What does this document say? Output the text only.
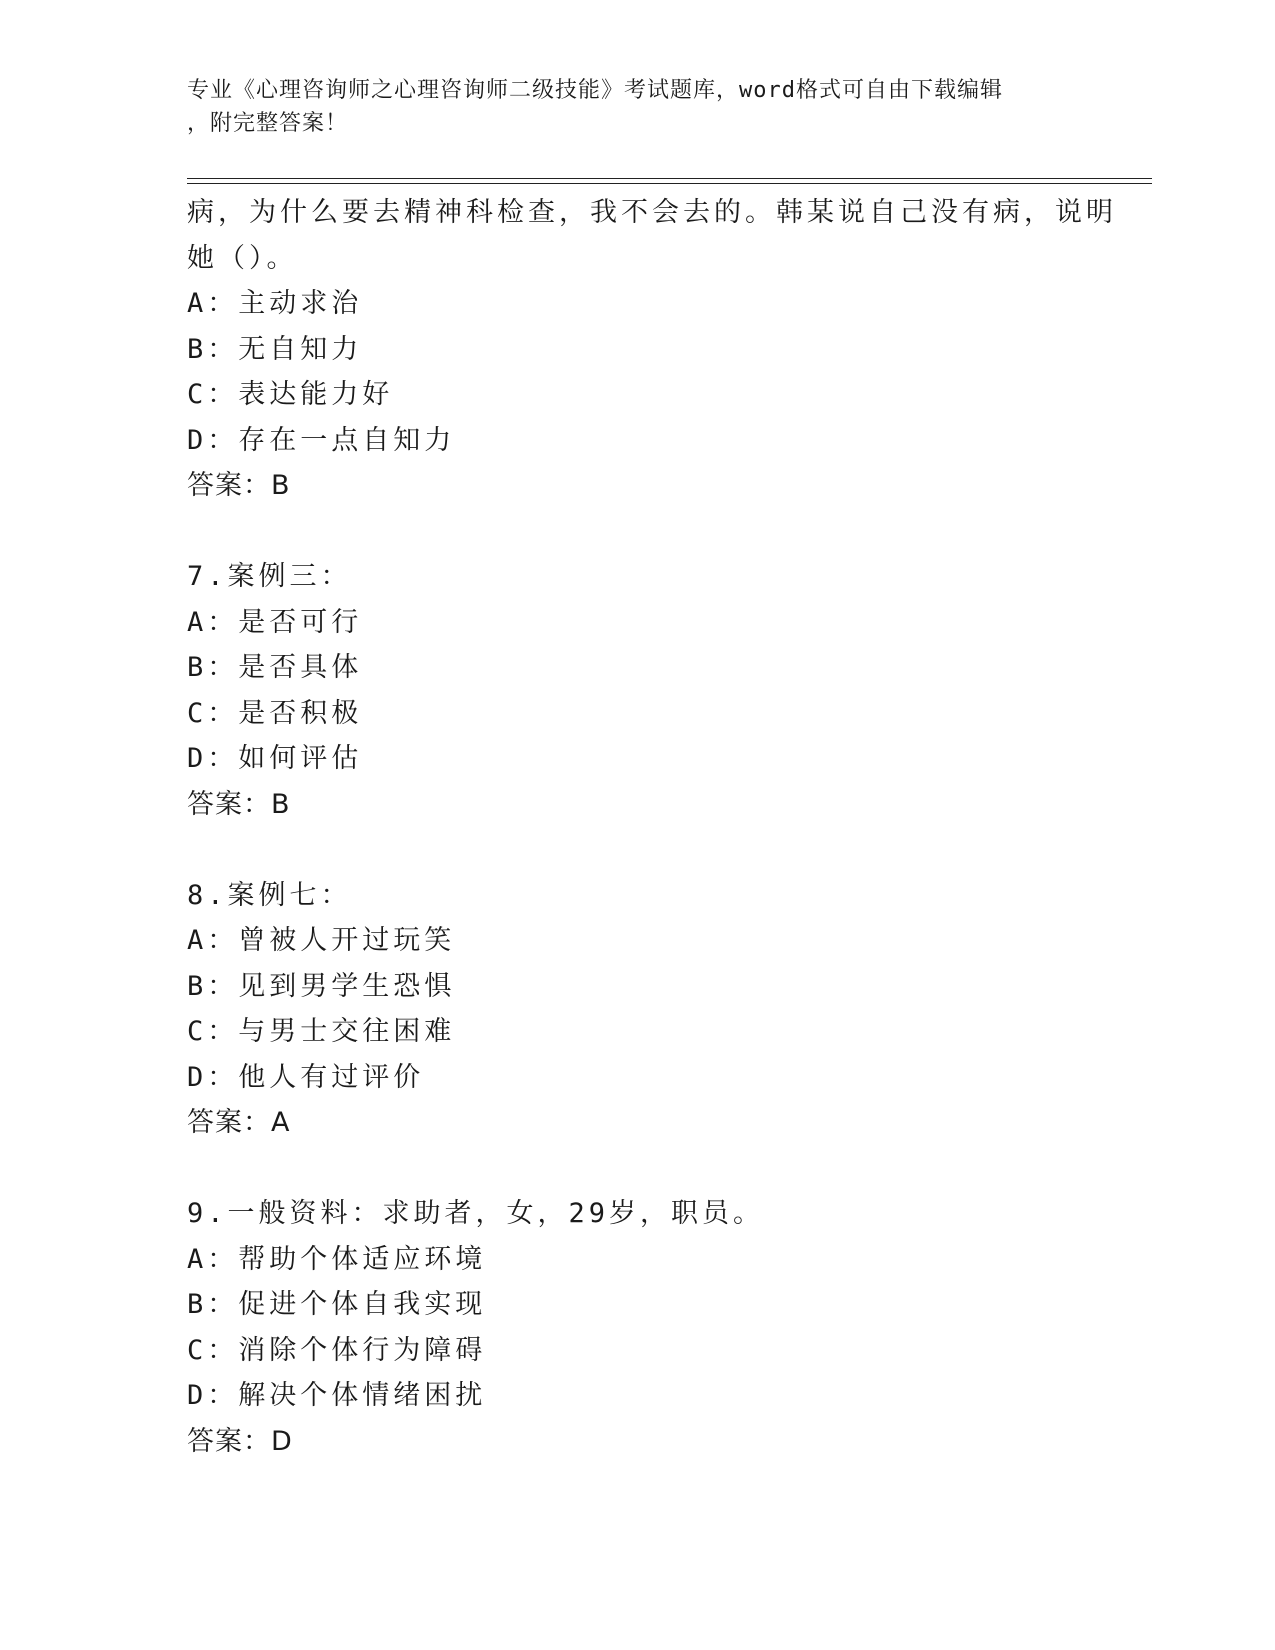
专业《心理咨询师之心理咨询师二级技能》考试题库，word格式可自由下载编辑
，附完整答案！
病，为什么要去精神科检查，我不会去的。韩某说自己没有病，说明
她（）。
A：主动求治
B：无自知力
C：表达能力好
D：存在一点自知力
答案：B
7.案例三：
A：是否可行
B：是否具体
C：是否积极
D：如何评估
答案：B
8.案例七：
A：曾被人开过玩笑
B：见到男学生恐惧
C：与男士交往困难
D：他人有过评价
答案：A
9.一般资料：求助者，女，29岁，职员。
A：帮助个体适应环境
B：促进个体自我实现
C：消除个体行为障碍
D：解决个体情绪困扰
答案：D
